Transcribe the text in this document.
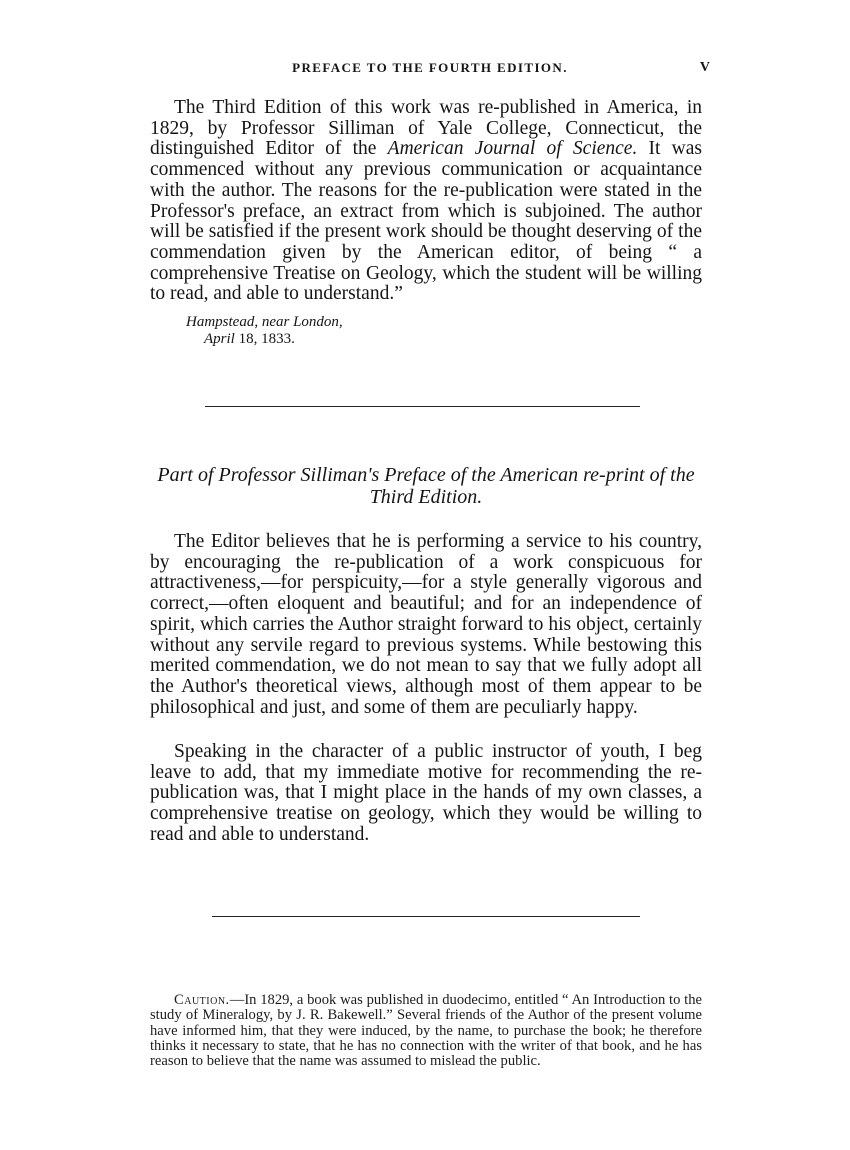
PREFACE TO THE FOURTH EDITION.	V

The Third Edition of this work was re-published in America, in 1829, by Professor Silliman of Yale College, Connecticut, the distinguished Editor of the American Journal of Science. It was commenced without any previous communication or acquaintance with the author. The reasons for the re-publication were stated in the Professor's preface, an extract from which is subjoined. The author will be satisfied if the present work should be thought deserving of the commendation given by the American editor, of being “ a comprehensive Treatise on Geology, which the student will be willing to read, and able to understand.”

Hampstead, near London,
April 18, 1833.

Part of Professor Silliman's Preface of the American re-print of the Third Edition.

The Editor believes that he is performing a service to his country, by encouraging the re-publication of a work conspicuous for attractiveness,—for perspicuity,—for a style generally vigorous and correct,—often eloquent and beautiful; and for an independence of spirit, which carries the Author straight forward to his object, certainly without any servile regard to previous systems. While bestowing this merited commendation, we do not mean to say that we fully adopt all the Author's theoretical views, although most of them appear to be philosophical and just, and some of them are peculiarly happy.

Speaking in the character of a public instructor of youth, I beg leave to add, that my immediate motive for recommending the re-publication was, that I might place in the hands of my own classes, a comprehensive treatise on geology, which they would be willing to read and able to understand.

Caution.—In 1829, a book was published in duodecimo, entitled “ An Introduction to the study of Mineralogy, by J. R. Bakewell.” Several friends of the Author of the present volume have informed him, that they were induced, by the name, to purchase the book; he therefore thinks it necessary to state, that he has no connection with the writer of that book, and he has reason to believe that the name was assumed to mislead the public.
